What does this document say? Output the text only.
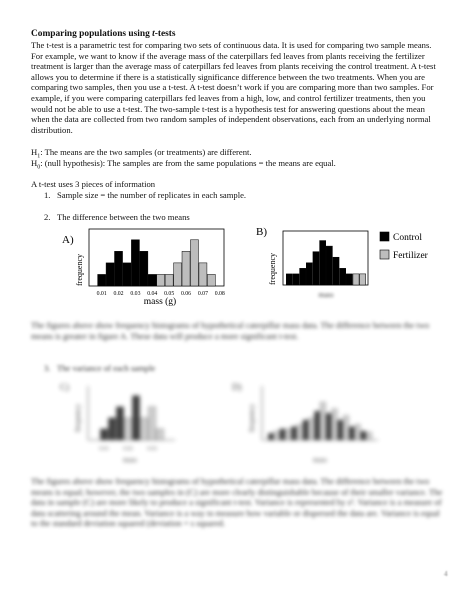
Comparing populations using t-tests
The t-test is a parametric test for comparing two sets of continuous data. It is used for comparing two sample means. For example, we want to know if the average mass of the caterpillars fed leaves from plants receiving the fertilizer treatment is larger than the average mass of caterpillars fed leaves from plants receiving the control treatment. A t-test allows you to determine if there is a statistically significance difference between the two treatments. When you are comparing two samples, then you use a t-test. A t-test doesn’t work if you are comparing more than two samples. For example, if you were comparing caterpillars fed leaves from a high, low, and control fertilizer treatments, then you would not be able to use a t-test. The two-sample t-test is a hypothesis test for answering questions about the mean when the data are collected from two random samples of independent observations, each from an underlying normal distribution.
$H_1$: The means are the two samples (or treatments) are different.
$H_0$: (null hypothesis): The samples are from the same populations = the means are equal.
A t-test uses 3 pieces of information
1. Sample size = the number of replicates in each sample.
2. The difference between the two means
A)
frequency
0.01 0.02 0.03 0.04 0.05 0.06 0.07 0.08
mass (g)
B)
frequency
mass
Control
Fertilizer
The figures above show frequency histograms of hypothetical caterpillar mass data. The difference between the two means is greater in figure A. These data will produce a more significant t-test.
3. The variance of each sample
C)
frequency
0.01	0.02	0.03
mass
D)
frequency
mass
The figures above show frequency histograms of hypothetical caterpillar mass data. The difference between the two means is equal; however, the two samples in (C) are more clearly distinguishable because of their smaller variance. The data in sample (C) are more likely to produce a significant t-test. Variance is represented by s². Variance is a measure of data scattering around the mean. Variance is a way to measure how variable or dispersed the data are. Variance is equal to the standard deviation squared (deviation = s squared.
4
